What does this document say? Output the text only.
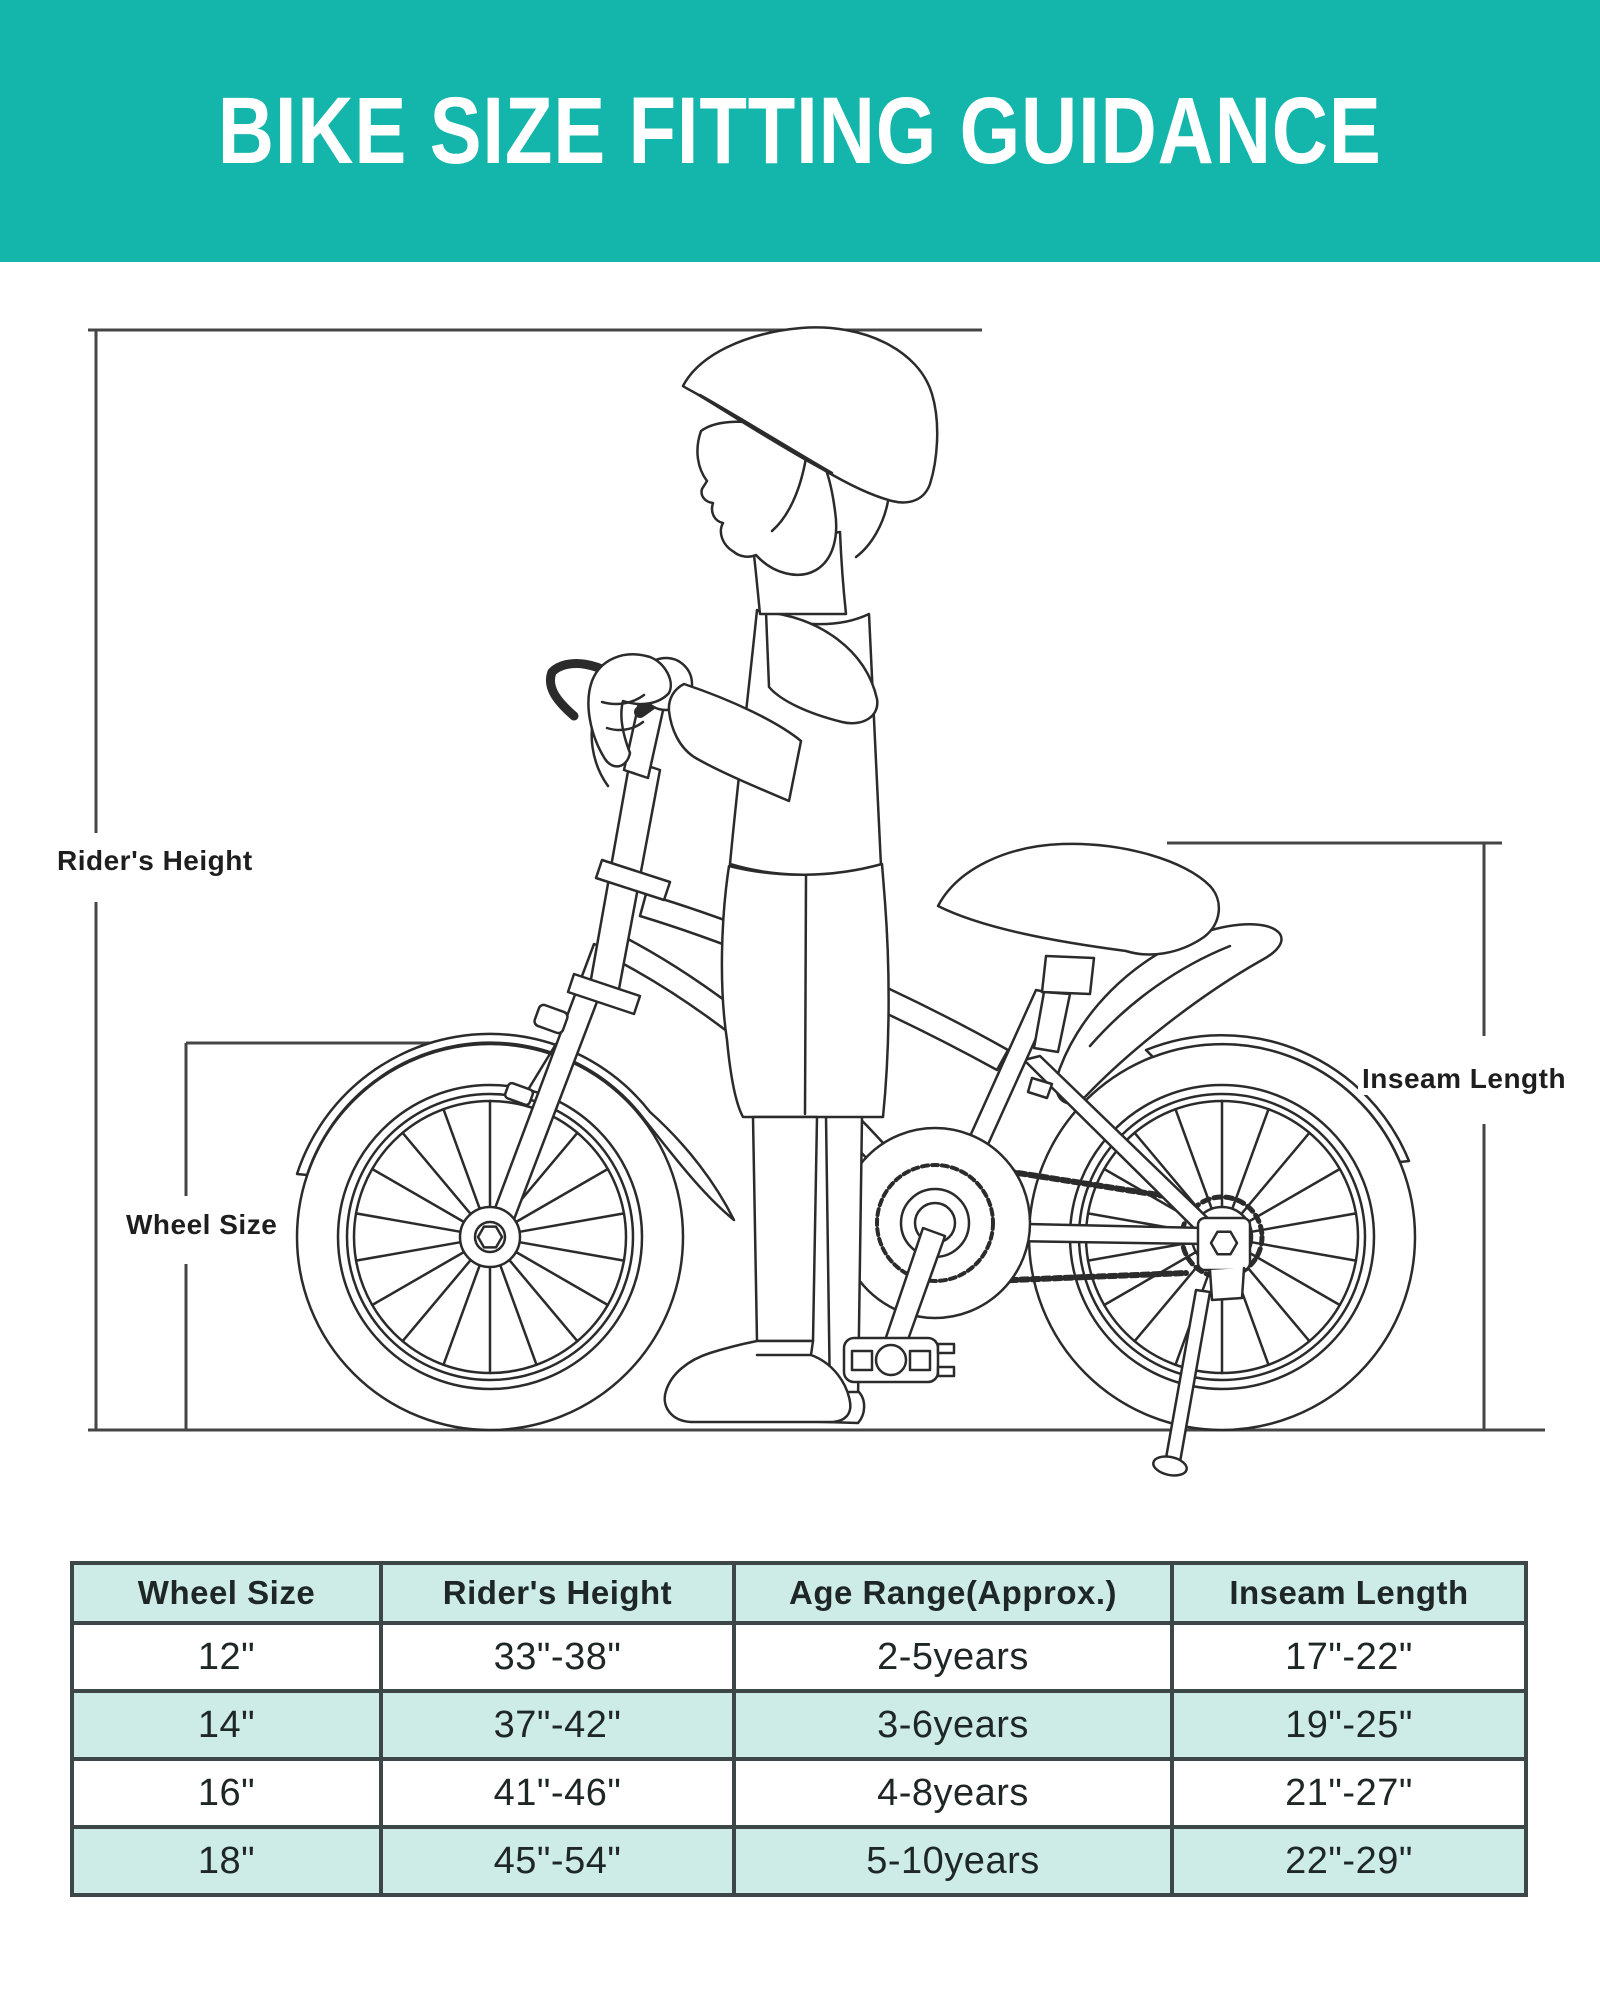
BIKE SIZE FITTING GUIDANCE
Rider's Height
Wheel Size
Inseam Length
Wheel Size	Rider's Height	Age Range(Approx.)	Inseam Length
12"	33"-38"	2-5years	17"-22"
14"	37"-42"	3-6years	19"-25"
16"	41"-46"	4-8years	21"-27"
18"	45"-54"	5-10years	22"-29"
